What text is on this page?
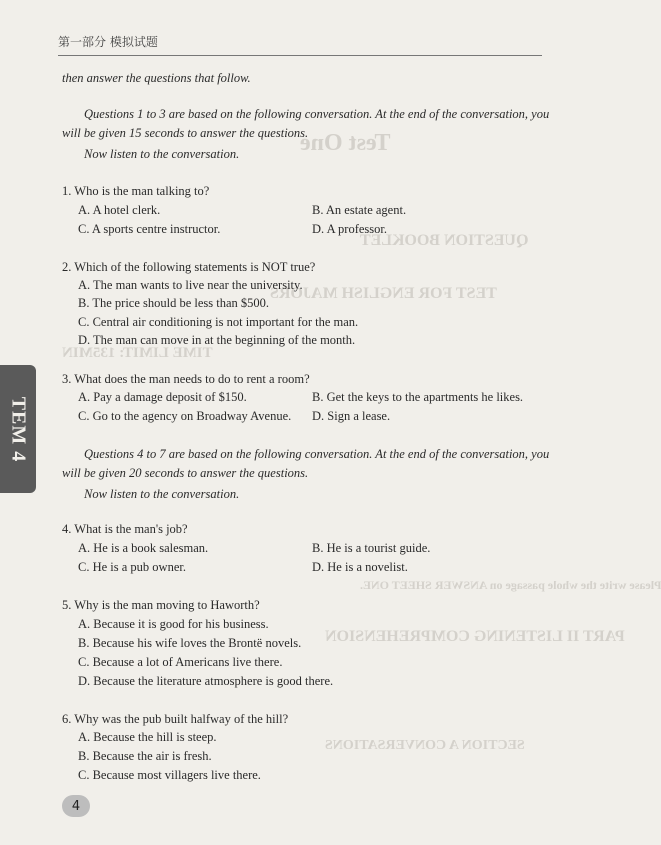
Test One
QUESTION BOOKLET
TEST FOR ENGLISH MAJORS
TIME LIMIT: 135MIN
Please write the whole passage on ANSWER SHEET ONE.
PART II LISTENING COMPREHENSION
SECTION A CONVERSATIONS
第一部分 模拟试题
then answer the questions that follow.
Questions 1 to 3 are based on the following conversation. At the end of the conversation, you
will be given 15 seconds to answer the questions.
Now listen to the conversation.
1. Who is the man talking to?
A. A hotel clerk.	B. An estate agent.
C. A sports centre instructor.	D. A professor.
2. Which of the following statements is NOT true?
A. The man wants to live near the university.
B. The price should be less than $500.
C. Central air conditioning is not important for the man.
D. The man can move in at the beginning of the month.
3. What does the man needs to do to rent a room?
A. Pay a damage deposit of $150.	B. Get the keys to the apartments he likes.
C. Go to the agency on Broadway Avenue. D. Sign a lease.
Questions 4 to 7 are based on the following conversation. At the end of the conversation, you
will be given 20 seconds to answer the questions.
Now listen to the conversation.
4. What is the man's job?
A. He is a book salesman.	B. He is a tourist guide.
C. He is a pub owner.	D. He is a novelist.
5. Why is the man moving to Haworth?
A. Because it is good for his business.
B. Because his wife loves the Brontë novels.
C. Because a lot of Americans live there.
D. Because the literature atmosphere is good there.
6. Why was the pub built halfway of the hill?
A. Because the hill is steep.
B. Because the air is fresh.
C. Because most villagers live there.
TEM 4
4
